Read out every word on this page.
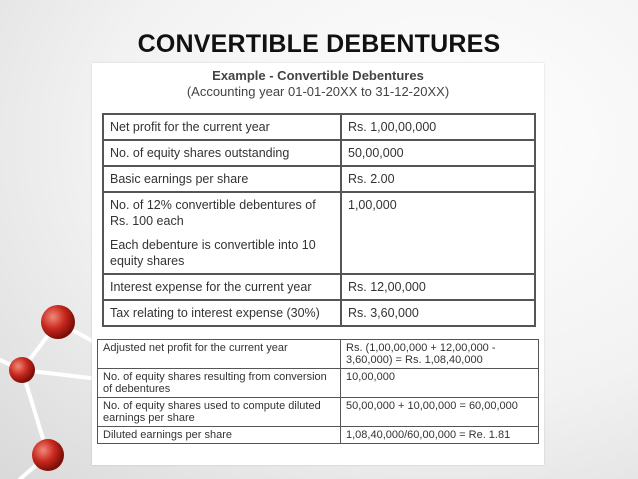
CONVERTIBLE DEBENTURES
Example - Convertible Debentures
(Accounting year 01-01-20XX to 31-12-20XX)
Net profit for the current year	Rs. 1,00,00,000
No. of equity shares outstanding	50,00,000
Basic earnings per share	Rs. 2.00

No. of 12% convertible debentures of Rs. 100 each
Each debenture is convertible into 10 equity shares	1,00,000
Interest expense for the current year	Rs. 12,00,000
Tax relating to interest expense (30%)	Rs. 3,60,000
Adjusted net profit for the current year	Rs. (1,00,00,000 + 12,00,000 - 3,60,000) = Rs. 1,08,40,000
No. of equity shares resulting from conversion of debentures	10,00,000
No. of equity shares used to compute diluted earnings per share	50,00,000 + 10,00,000 = 60,00,000
Diluted earnings per share	1,08,40,000/60,00,000 = Re. 1.81
